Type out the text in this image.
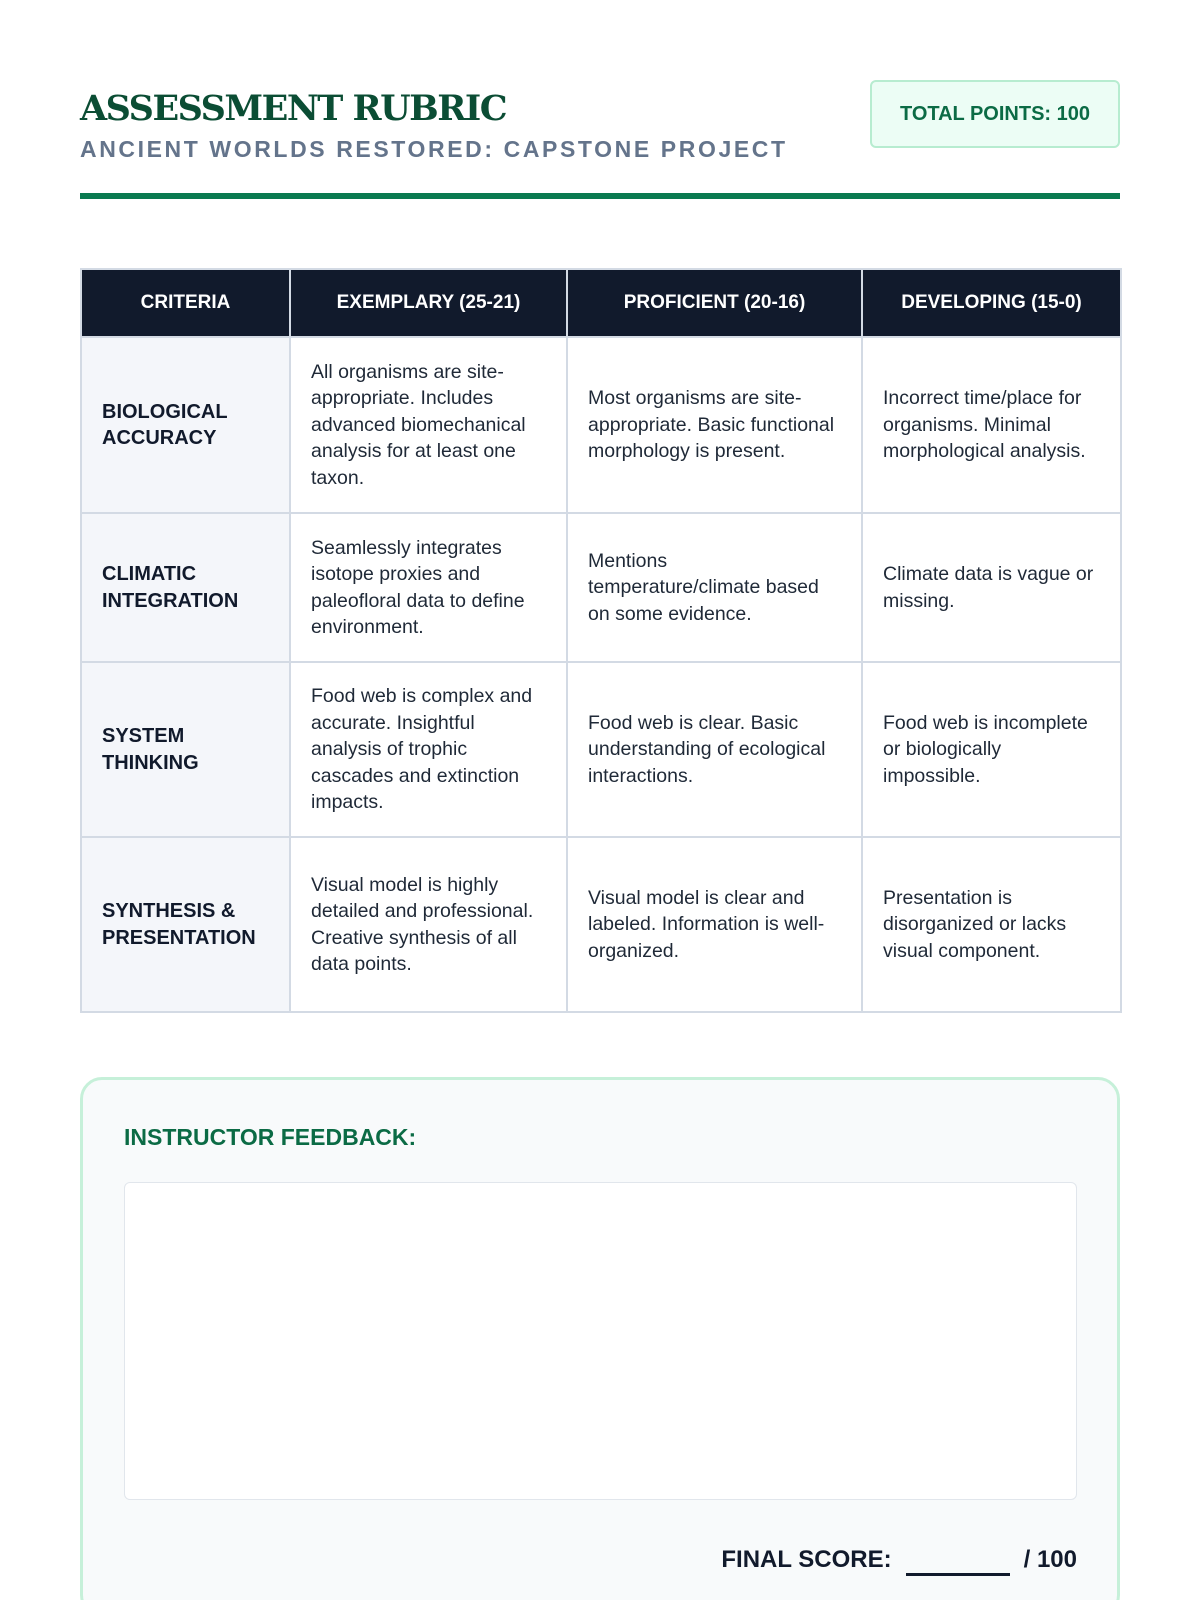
ASSESSMENT RUBRIC
ANCIENT WORLDS RESTORED: CAPSTONE PROJECT
TOTAL POINTS: 100
CRITERIA	EXEMPLARY (25-21)	PROFICIENT (20-16)	DEVELOPING (15-0)
BIOLOGICAL ACCURACY	All organisms are site-appropriate. Includes advanced biomechanical analysis for at least one taxon.	Most organisms are site-appropriate. Basic functional morphology is present.	Incorrect time/place for organisms. Minimal morphological analysis.
CLIMATIC INTEGRATION	Seamlessly integrates isotope proxies and paleofloral data to define environment.	Mentions temperature/climate based on some evidence.	Climate data is vague or missing.
SYSTEM THINKING	Food web is complex and accurate. Insightful analysis of trophic cascades and extinction impacts.	Food web is clear. Basic understanding of ecological interactions.	Food web is incomplete or biologically impossible.
SYNTHESIS & PRESENTATION	Visual model is highly detailed and professional. Creative synthesis of all data points.	Visual model is clear and labeled. Information is well-organized.	Presentation is disorganized or lacks visual component.
INSTRUCTOR FEEDBACK:
FINAL SCORE:	/ 100
